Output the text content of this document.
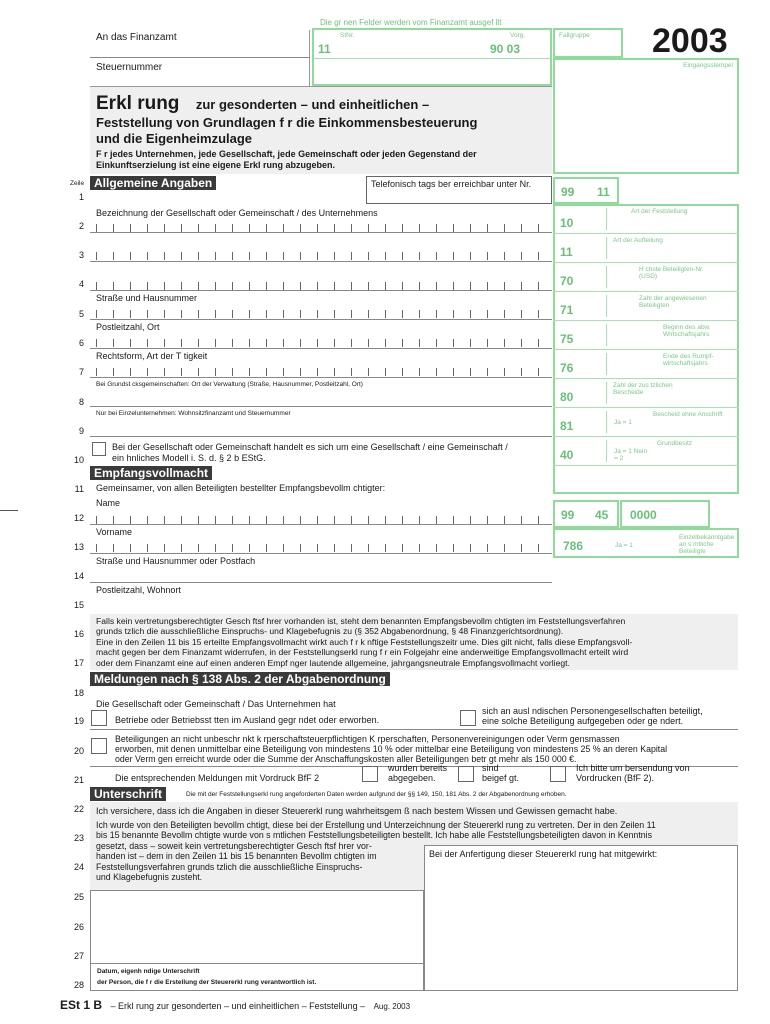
Die gr nen Felder werden vom Finanzamt ausgef llt	2003
An das Finanzamt
Steuernummer
StNr.	Vorg.
11	90 03
Fallgruppe
Eingangsstempel
Erkl rung zur gesonderten – und einheitlichen –
Feststellung von Grundlagen f r die Einkommensbesteuerung
und die Eigenheimzulage
F r jedes Unternehmen, jede Gesellschaft, jede Gemeinschaft oder jeden Gegenstand der
Einkunftserzielung ist eine eigene Erkl rung abzugeben.
Zeile
1
2
3
4
5
6
7
8
9
10
11
12
13
14
15
16
17
18
19
20
21
22
23
24
25
26
27
28
Allgemeine Angaben	Telefonisch tags ber erreichbar unter Nr.
99 11
Bezeichnung der Gesellschaft oder Gemeinschaft / des Unternehmens
Straße und Hausnummer
Postleitzahl, Ort
Rechtsform, Art der T tigkeit
Bei Grundst cksgemeinschaften: Ort der Verwaltung (Straße, Hausnummer, Postleitzahl, Ort)
Nur bei Einzelunternehmen: Wohnsitzfinanzamt und Steuernummer
Bei der Gesellschaft oder Gemeinschaft handelt es sich um eine Gesellschaft / eine Gemeinschaft /
ein hnliches Modell i. S. d. § 2 b EStG.
10
Art der Feststellung
11
Art der Aufteilung
70
H chste Beteiligten-Nr. (USD)
71
Zahl der angewiesenen Beteiligten
75
Beginn des abw. Wirtschaftsjahrs
76
Ende des Rumpf- wirtschaftsjahrs
80
Zahl der zus tzlichen Bescheide
81
Bescheid ohne Anschrift
Ja = 1
40
Grundbesitz
Ja = 1 Nein = 2
Empfangsvollmacht
Gemeinsamer, von allen Beteiligten bestellter Empfangsbevollm chtigter:
Name
Vorname
Straße und Hausnummer oder Postfach
Postleitzahl, Wohnort
99 45 0000
786	Ja = 1
Einzelbekanntgabe an s mtliche Beteiligte
Falls kein vertretungsberechtigter Gesch ftsf hrer vorhanden ist, steht dem benannten Empfangsbevollm chtigten im Feststellungsverfahren
grunds tzlich die ausschließliche Einspruchs- und Klagebefugnis zu (§ 352 Abgabenordnung, § 48 Finanzgerichtsordnung).
Eine in den Zeilen 11 bis 15 erteilte Empfangsvollmacht wirkt auch f r k nftige Feststellungszeitr ume. Dies gilt nicht, falls diese Empfangsvoll-
macht gegen ber dem Finanzamt widerrufen, in der Feststellungserkl rung f r ein Folgejahr eine anderweitige Empfangsvollmacht erteilt wird
oder dem Finanzamt eine auf einen anderen Empf nger lautende allgemeine, jahrgangsneutrale Empfangsvollmacht vorliegt.
Meldungen nach § 138 Abs. 2 der Abgabenordnung
Die Gesellschaft oder Gemeinschaft / Das Unternehmen hat
Betriebe oder Betriebsst tten im Ausland gegr ndet oder erworben.
sich an ausl ndischen Personengesellschaften beteiligt,
eine solche Beteiligung aufgegeben oder ge ndert.
Beteiligungen an nicht unbeschr nkt k rperschaftsteuerpflichtigen K rperschaften, Personenvereinigungen oder Verm gensmassen
erworben, mit denen unmittelbar eine Beteiligung von mindestens 10 % oder mittelbar eine Beteiligung von mindestens 25 % an deren Kapital
oder Verm gen erreicht wurde oder die Summe der Anschaffungskosten aller Beteiligungen betr gt mehr als 150 000 €.
Die entsprechenden Meldungen mit Vordruck BfF 2
wurden bereits
abgegeben.
sind
beigef gt.
Ich bitte um bersendung von
Vordrucken (BfF 2).
Unterschrift	Die mit der Feststellungserkl rung angeforderten Daten werden aufgrund der §§ 149, 150, 181 Abs. 2 der Abgabenordnung erhoben.
Ich versichere, dass ich die Angaben in dieser Steuererkl rung wahrheitsgem ß nach bestem Wissen und Gewissen gemacht habe.
Ich wurde von den Beteiligten bevollm chtigt, diese bei der Erstellung und Unterzeichnung der Steuererkl rung zu vertreten. Der in den Zeilen 11
bis 15 benannte Bevollm chtigte wurde von s mtlichen Feststellungsbeteiligten bestellt. Ich habe alle Feststellungsbeteiligten davon in Kenntnis
gesetzt, dass – soweit kein vertretungsberechtigter Gesch ftsf hrer vor-
handen ist – dem in den Zeilen 11 bis 15 benannten Bevollm chtigten im
Feststellungsverfahren grunds tzlich die ausschließliche Einspruchs-
und Klagebefugnis zusteht.
Bei der Anfertigung dieser Steuererkl rung hat mitgewirkt:
Datum, eigenh ndige Unterschrift
der Person, die f r die Erstellung der Steuererkl rung verantwortlich ist.
ESt 1 B – Erkl rung zur gesonderten – und einheitlichen – Feststellung – Aug. 2003
